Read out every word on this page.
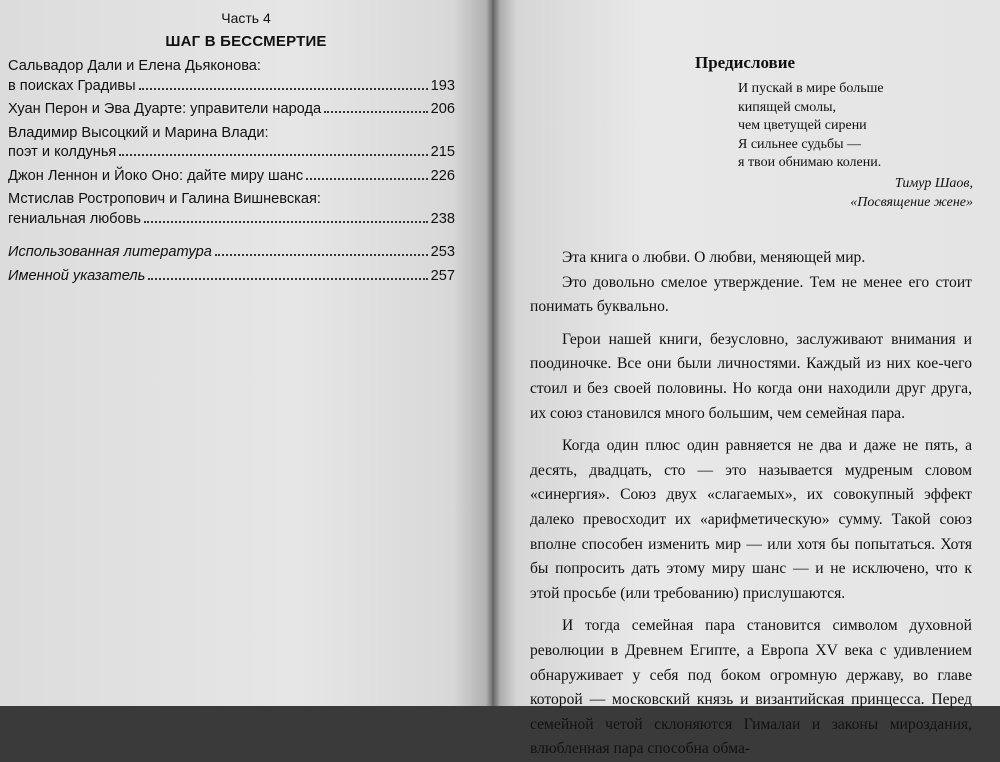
Часть 4
ШАГ В БЕССМЕРТИЕ
Сальвадор Дали и Елена Дьяконова:
в поисках Градивы	193
Хуан Перон и Эва Дуарте: управители народа	206
Владимир Высоцкий и Марина Влади:
поэт и колдунья	215
Джон Леннон и Йоко Оно: дайте миру шанс	226
Мстислав Ростропович и Галина Вишневская:
гениальная любовь	238
Использованная литература	253
Именной указатель	257
Предисловие
И пускай в мире больше
кипящей смолы,
чем цветущей сирени
Я сильнее судьбы —
я твои обнимаю колени.
Тимур Шаов,
«Посвящение жене»

Эта книга о любви. О любви, меняющей мир.

Это довольно смелое утверждение. Тем не менее его стоит понимать буквально.

Герои нашей книги, безусловно, заслуживают внимания и поодиночке. Все они были личностями. Каждый из них кое-чего стоил и без своей половины. Но когда они находили друг друга, их союз становился много большим, чем семейная пара.

Когда один плюс один равняется не два и даже не пять, а десять, двадцать, сто — это называется мудреным словом «синергия». Союз двух «слагаемых», их совокупный эффект далеко превосходит их «арифметическую» сумму. Такой союз вполне способен изменить мир — или хотя бы попытаться. Хотя бы попросить дать этому миру шанс — и не исключено, что к этой просьбе (или требованию) прислушаются.

И тогда семейная пара становится символом духовной революции в Древнем Египте, а Европа XV века с удивлением обнаруживает у себя под боком огромную державу, во главе которой — московский князь и византийская принцесса. Перед семейной четой склоняются Гималаи и законы мироздания, влюбленная пара способна обма-
